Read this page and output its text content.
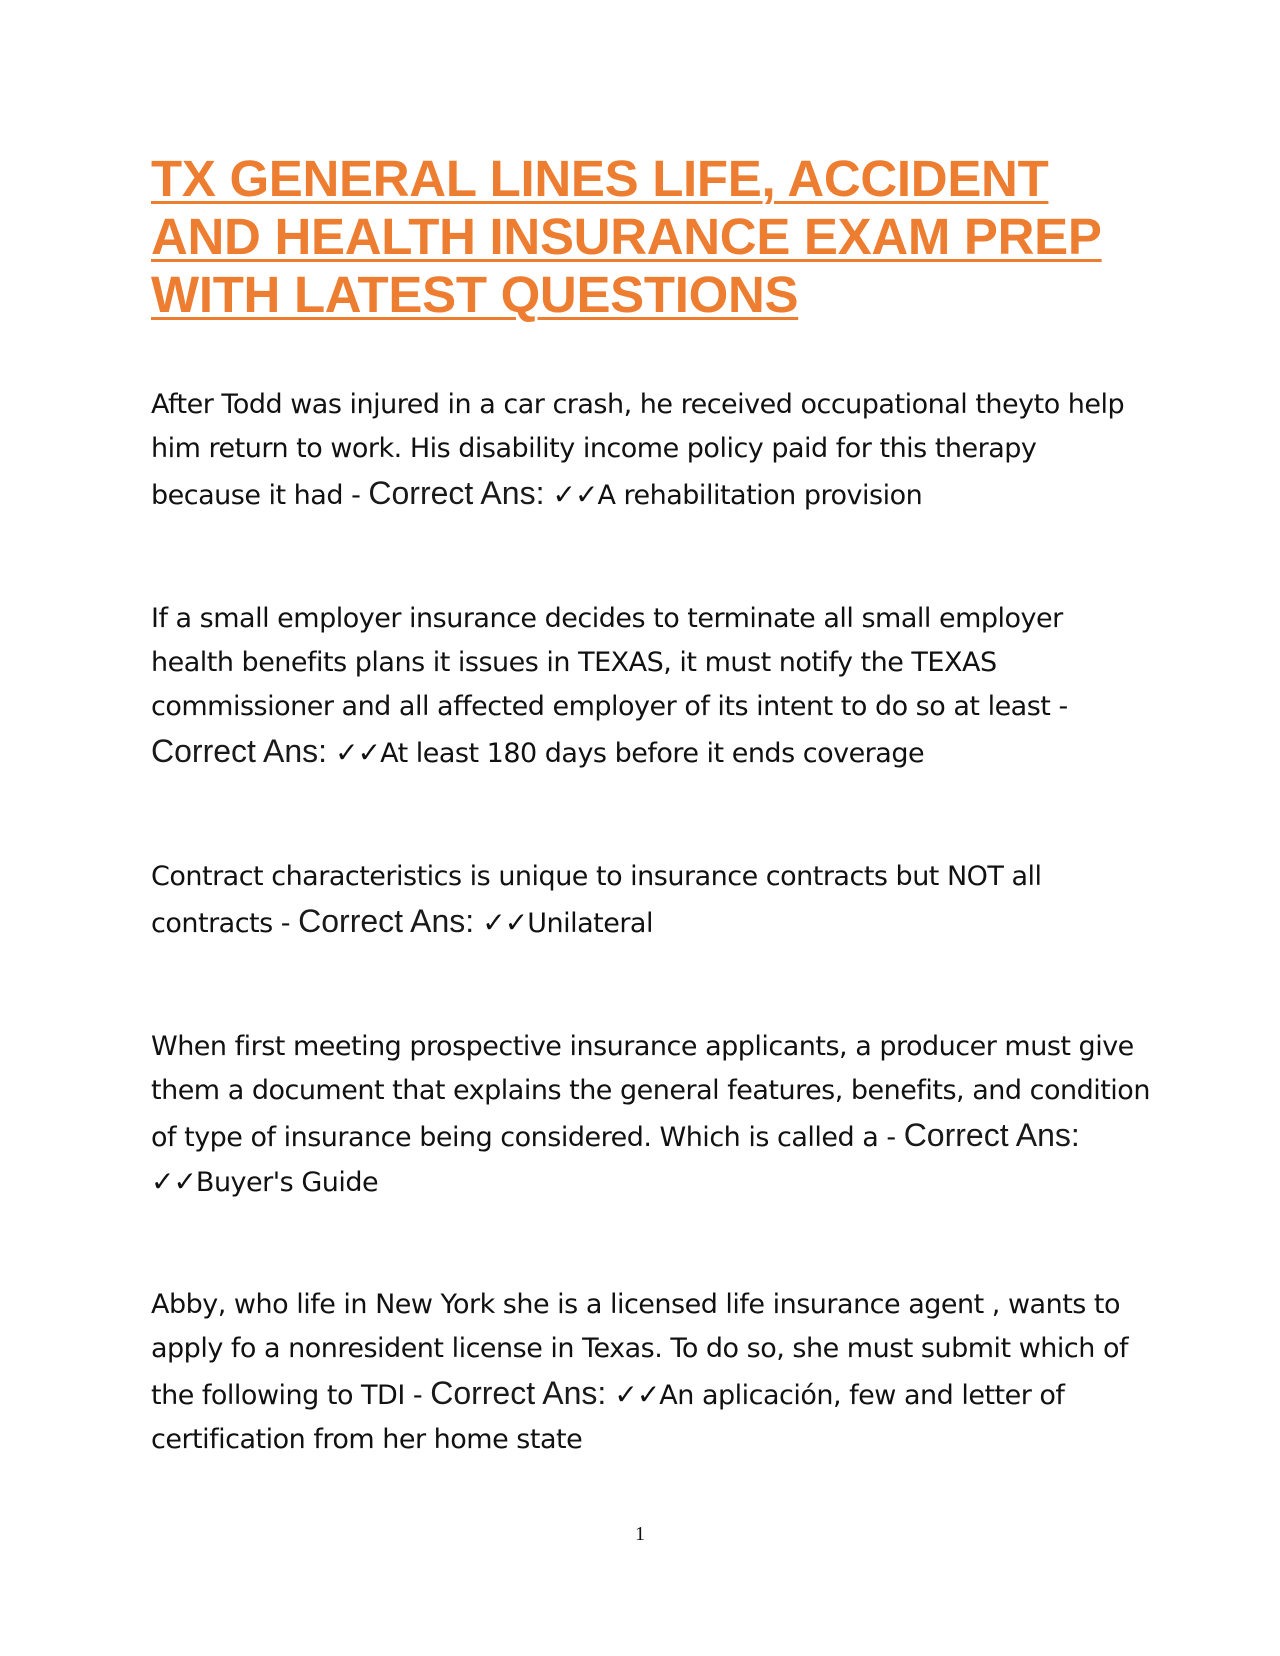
TX GENERAL LINES LIFE, ACCIDENT AND HEALTH INSURANCE EXAM PREP WITH LATEST QUESTIONS

After Todd was injured in a car crash, he received occupational theyto help him return to work. His disability income policy paid for this therapy because it had - Correct Ans: ✓✓A rehabilitation provision

If a small employer insurance decides to terminate all small employer health benefits plans it issues in TEXAS, it must notify the TEXAS commissioner and all affected employer of its intent to do so at least - Correct Ans: ✓✓At least 180 days before it ends coverage

Contract characteristics is unique to insurance contracts but NOT all contracts - Correct Ans: ✓✓Unilateral

When first meeting prospective insurance applicants, a producer must give them a document that explains the general features, benefits, and condition of type of insurance being considered. Which is called a - Correct Ans: ✓✓Buyer's Guide

Abby, who life in New York she is a licensed life insurance agent , wants to apply fo a nonresident license in Texas. To do so, she must submit which of the following to TDI - Correct Ans: ✓✓An aplicación, few and letter of certification from her home state

1
